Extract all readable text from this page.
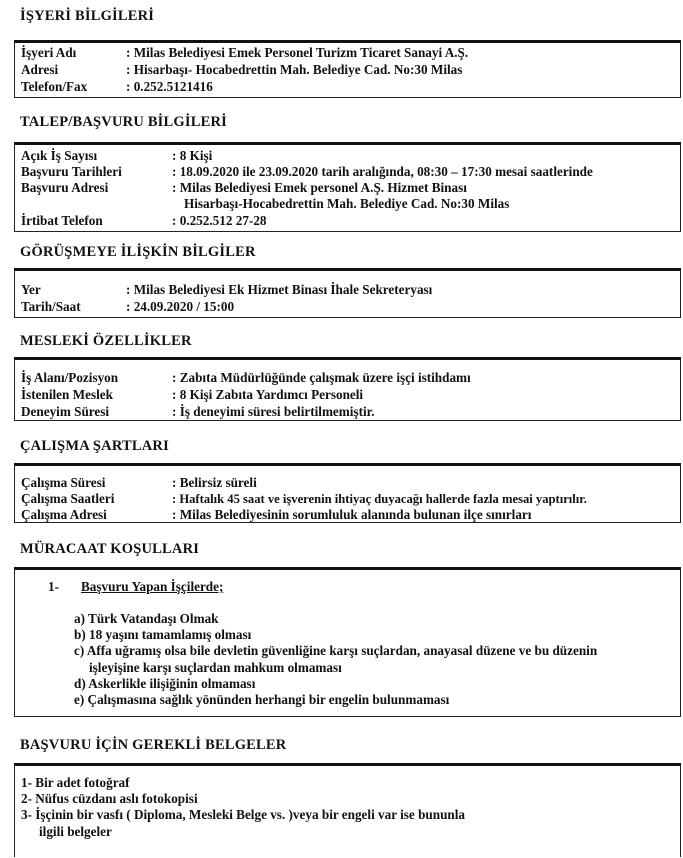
İŞYERİ BİLGİLERİ
İşyeri Adı	: Milas Belediyesi Emek Personel Turizm Ticaret Sanayi A.Ş.
Adresi	: Hisarbaşı- Hocabedrettin Mah. Belediye Cad. No:30 Milas
Telefon/Fax	: 0.252.5121416
TALEP/BAŞVURU BİLGİLERİ
Açık İş Sayısı	: 8 Kişi
Başvuru Tarihleri	: 18.09.2020 ile 23.09.2020 tarih aralığında, 08:30 – 17:30 mesai saatlerinde
Başvuru Adresi	: Milas Belediyesi Emek personel A.Ş. Hizmet Binası
Hisarbaşı-Hocabedrettin Mah. Belediye Cad. No:30 Milas
İrtibat Telefon	: 0.252.512 27-28
GÖRÜŞMEYE İLİŞKİN BİLGİLER
Yer	: Milas Belediyesi Ek Hizmet Binası İhale Sekreteryası
Tarih/Saat	: 24.09.2020 / 15:00
MESLEKİ ÖZELLİKLER
İş Alanı/Pozisyon	: Zabıta Müdürlüğünde çalışmak üzere işçi istihdamı
İstenilen Meslek	: 8 Kişi Zabıta Yardımcı Personeli
Deneyim Süresi	: İş deneyimi süresi belirtilmemiştir.
ÇALIŞMA ŞARTLARI
Çalışma Süresi	: Belirsiz süreli
Çalışma Saatleri	: Haftalık 45 saat ve işverenin ihtiyaç duyacağı hallerde fazla mesai yaptırılır.
Çalışma Adresi	: Milas Belediyesinin sorumluluk alanında bulunan ilçe sınırları
MÜRACAAT KOŞULLARI
1- Başvuru Yapan İşçilerde;
a) Türk Vatandaşı Olmak
b) 18 yaşını tamamlamış olması
c) Affa uğramış olsa bile devletin güvenliğine karşı suçlardan, anayasal düzene ve bu düzenin
işleyişine karşı suçlardan mahkum olmaması
d) Askerlikle ilişiğinin olmaması
e) Çalışmasına sağlık yönünden herhangi bir engelin bulunmaması
BAŞVURU İÇİN GEREKLİ BELGELER
1- Bir adet fotoğraf
2- Nüfus cüzdanı aslı fotokopisi
3- İşçinin bir vasfı ( Diploma, Mesleki Belge vs. )veya bir engeli var ise bununla
ilgili belgeler
